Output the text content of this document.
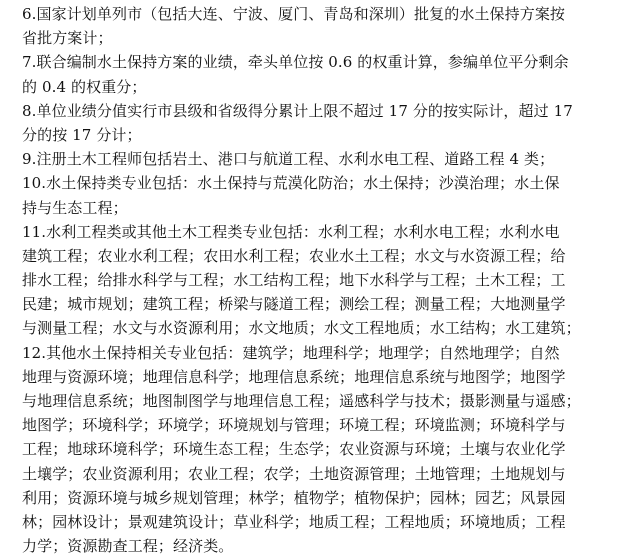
6.国家计划单列市（包括大连、宁波、厦门、青岛和深圳）批复的水土保持方案按
省批方案计；
7.联合编制水土保持方案的业绩，牵头单位按 0.6 的权重计算，参编单位平分剩余
的 0.4 的权重分；
8.单位业绩分值实行市县级和省级得分累计上限不超过 17 分的按实际计，超过 17
分的按 17 分计；
9.注册土木工程师包括岩土、港口与航道工程、水利水电工程、道路工程 4 类；
10.水土保持类专业包括：水土保持与荒漠化防治；水土保持；沙漠治理；水土保
持与生态工程；
11.水利工程类或其他土木工程类专业包括：水利工程；水利水电工程；水利水电
建筑工程；农业水利工程；农田水利工程；农业水土工程；水文与水资源工程；给
排水工程；给排水科学与工程；水工结构工程；地下水科学与工程；土木工程；工
民建；城市规划；建筑工程；桥梁与隧道工程；测绘工程；测量工程；大地测量学
与测量工程；水文与水资源利用；水文地质；水文工程地质；水工结构；水工建筑；
12.其他水土保持相关专业包括：建筑学；地理科学；地理学；自然地理学；自然
地理与资源环境；地理信息科学；地理信息系统；地理信息系统与地图学；地图学
与地理信息系统；地图制图学与地理信息工程；遥感科学与技术；摄影测量与遥感；
地图学；环境科学；环境学；环境规划与管理；环境工程；环境监测；环境科学与
工程；地球环境科学；环境生态工程；生态学；农业资源与环境；土壤与农业化学
土壤学；农业资源利用；农业工程；农学；土地资源管理；土地管理；土地规划与
利用；资源环境与城乡规划管理；林学；植物学；植物保护；园林；园艺；风景园
林；园林设计；景观建筑设计；草业科学；地质工程；工程地质；环境地质；工程
力学；资源勘查工程；经济类。
